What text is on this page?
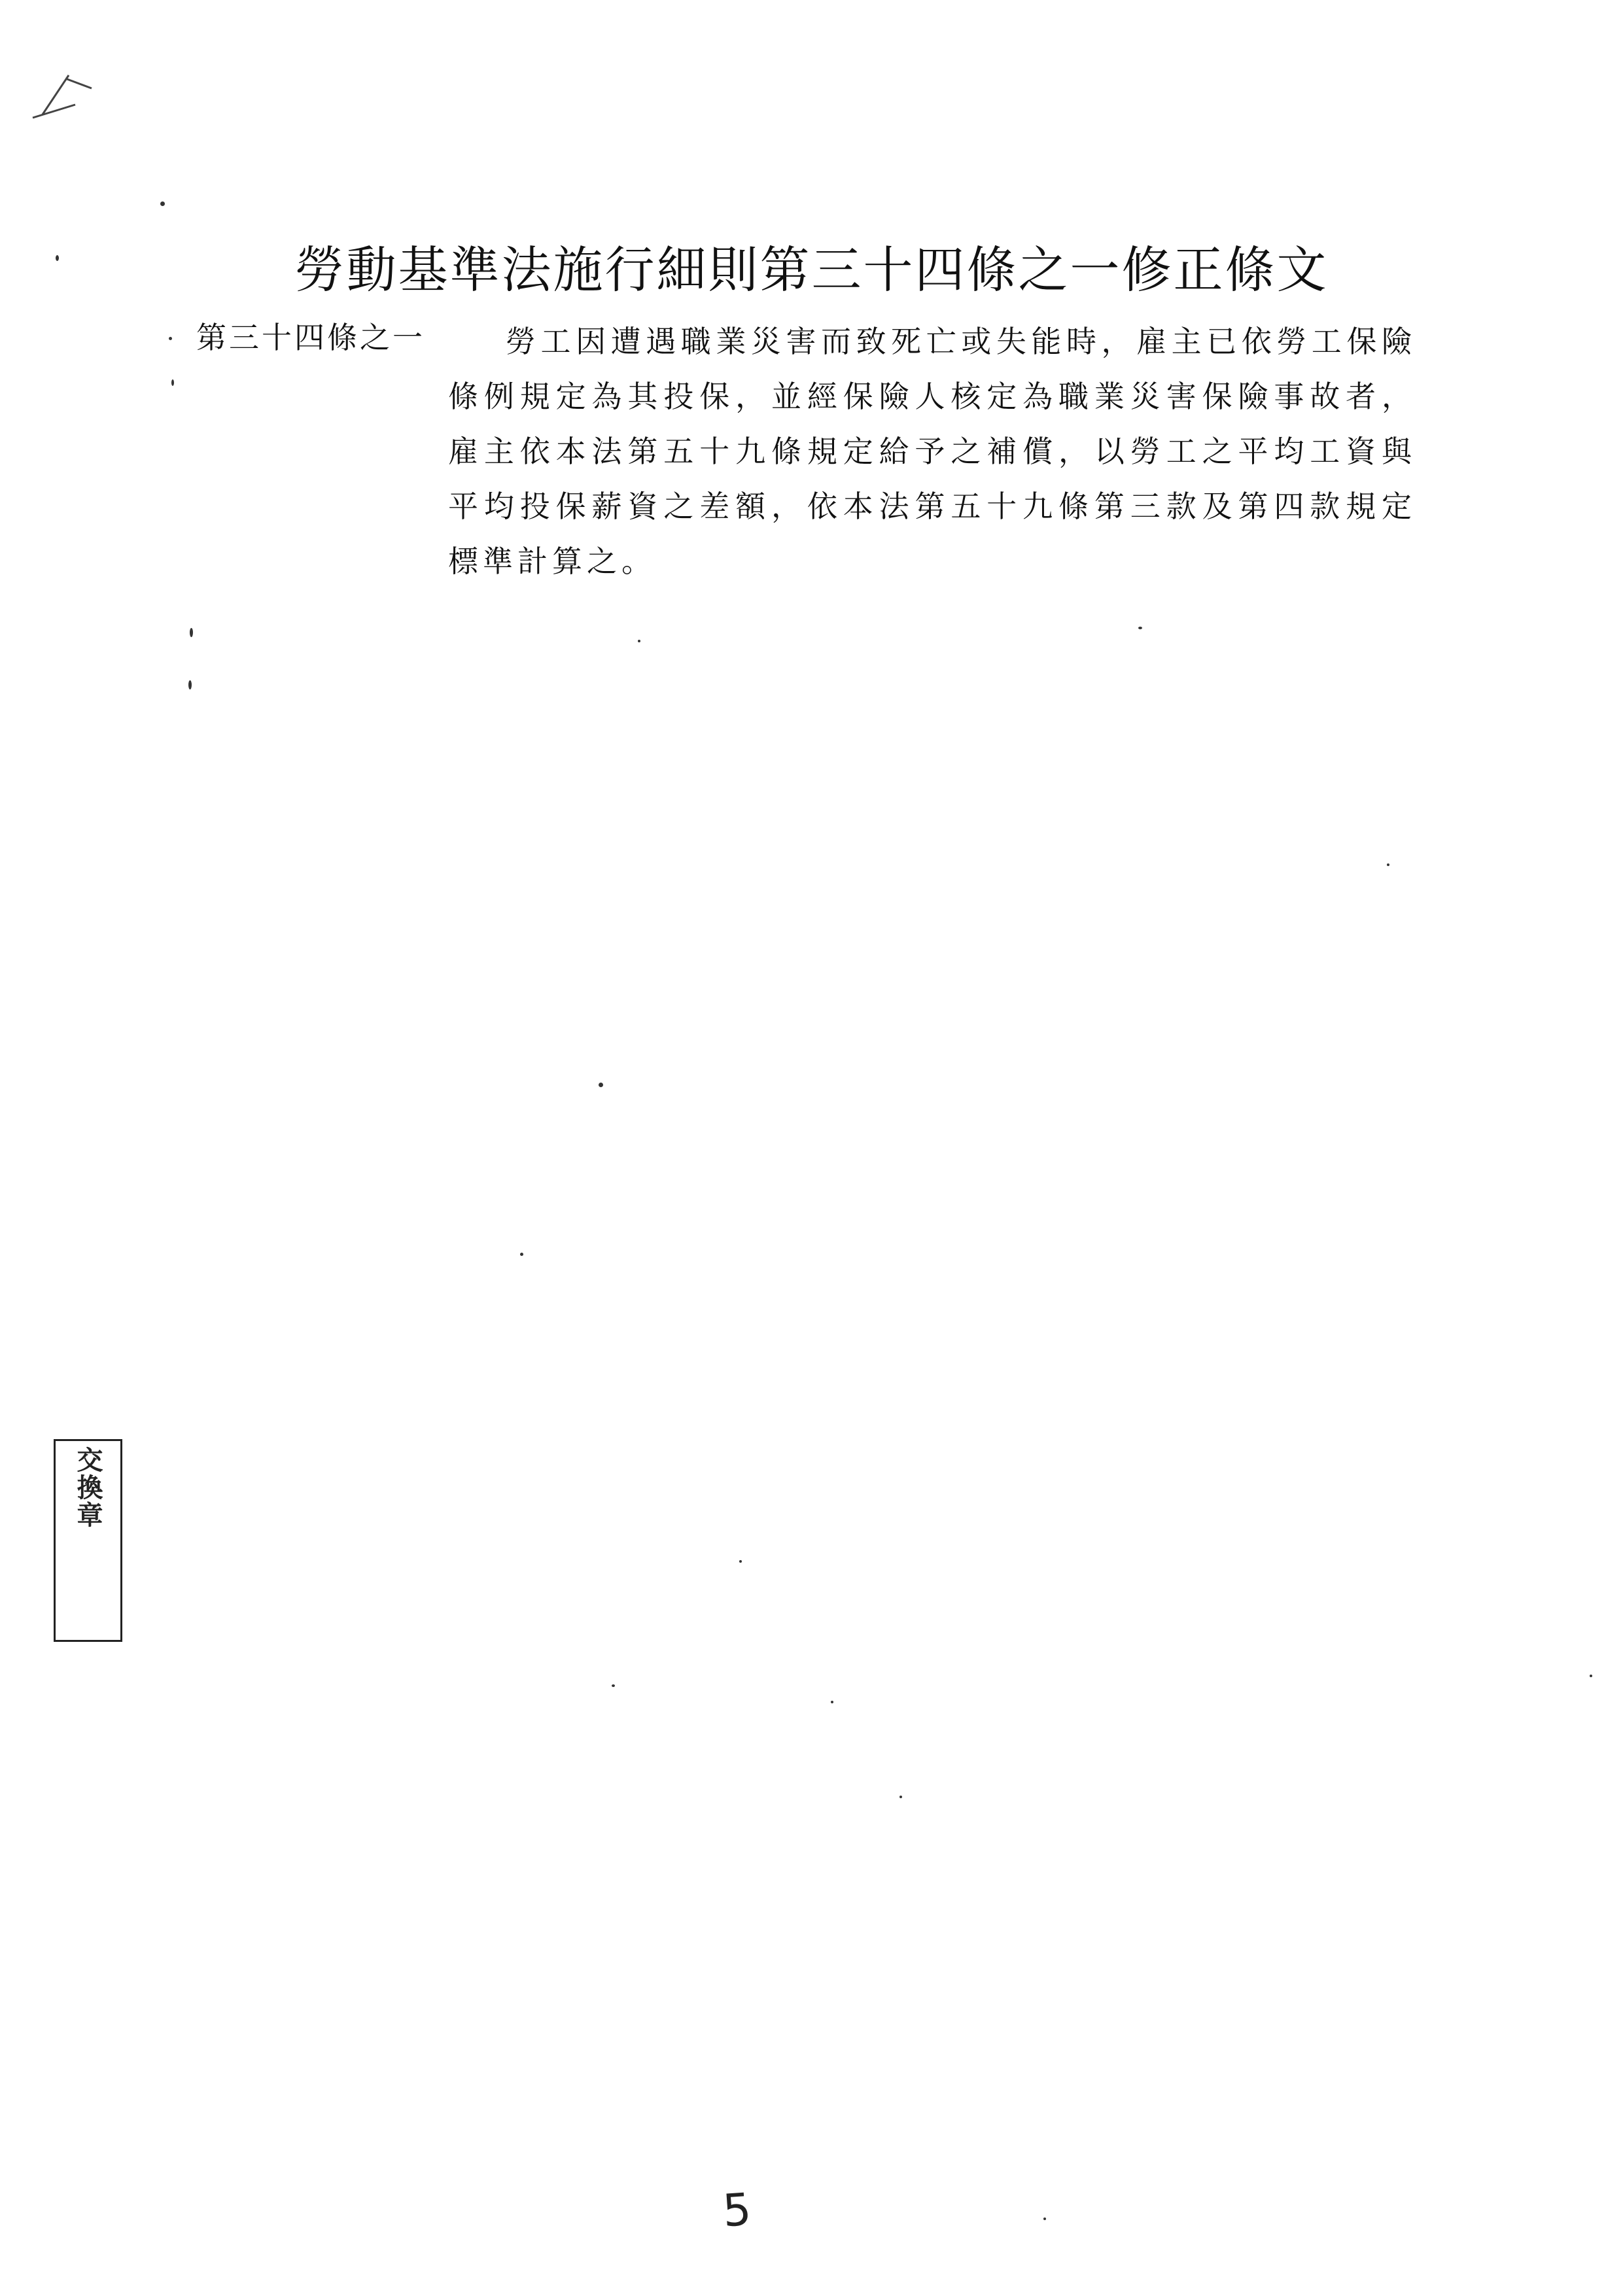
勞動基準法施行細則第三十四條之一修正條文
第三十四條之一	勞工因遭遇職業災害而致死亡或失能時，雇主已依勞工保險條例規定為其投保，並經保險人核定為職業災害保險事故者，雇主依本法第五十九條規定給予之補償，以勞工之平均工資與平均投保薪資之差額，依本法第五十九條第三款及第四款規定標準計算之。

交換章
5
